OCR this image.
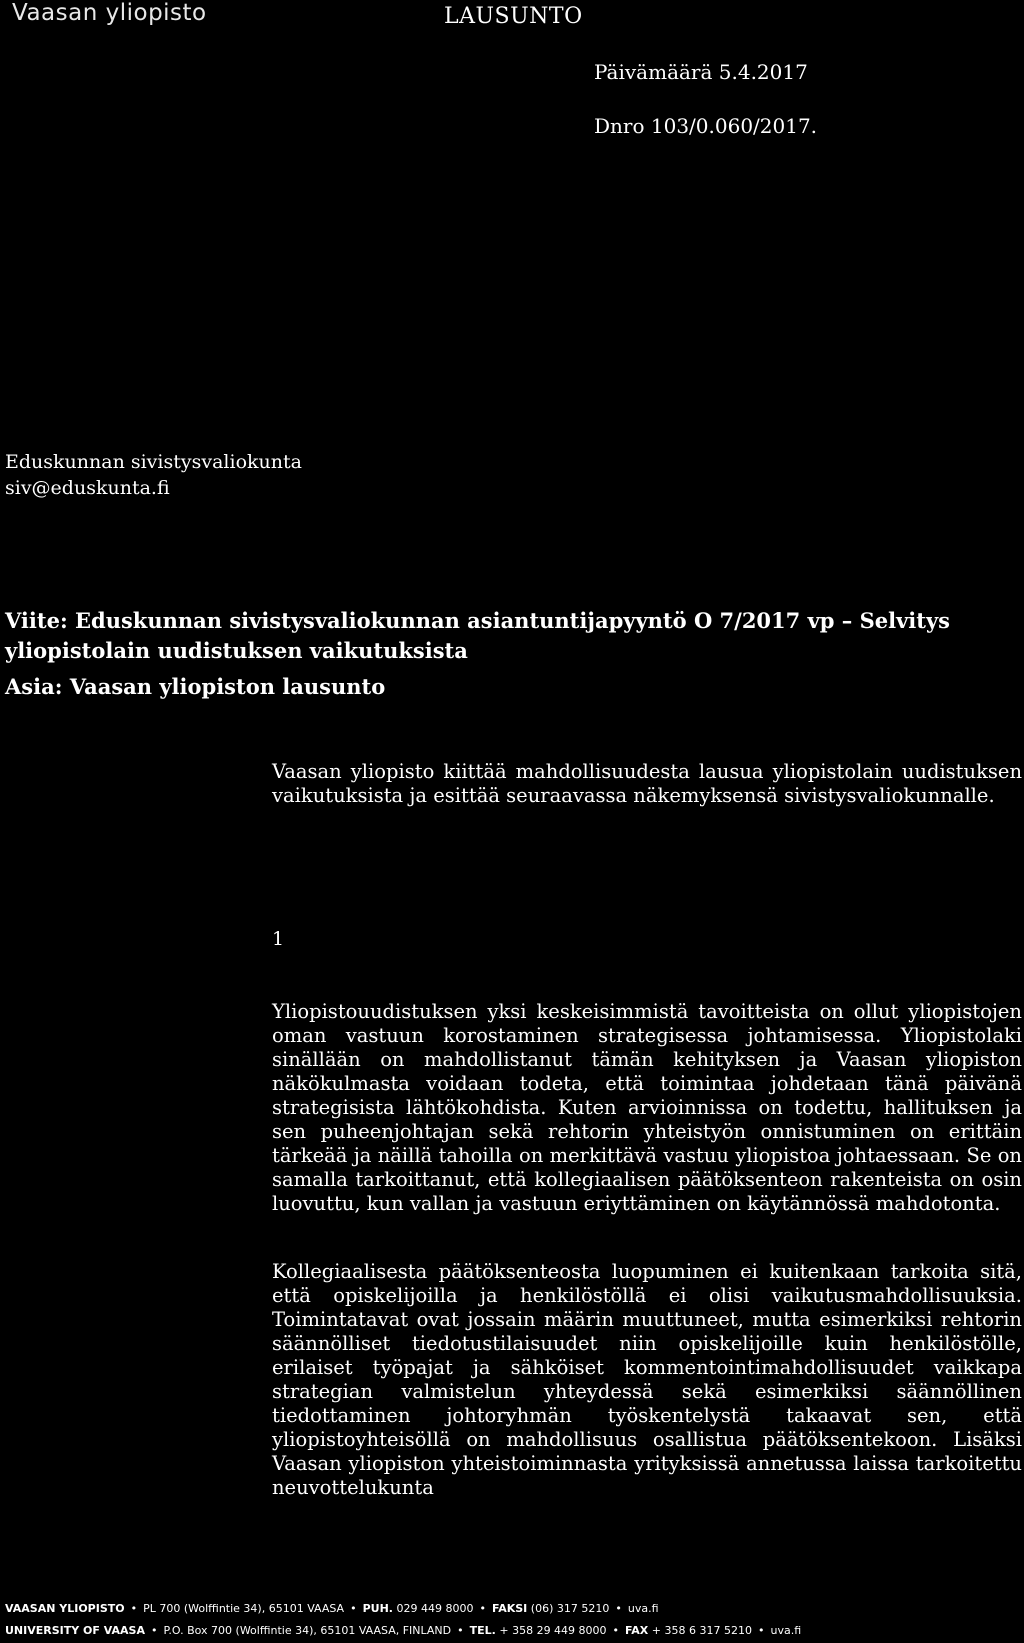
Vaasan yliopisto	LAUSUNTO
Päivämäärä 5.4.2017
Dnro 103/0.060/2017.
Eduskunnan sivistysvaliokunta
siv@eduskunta.fi
Viite: Eduskunnan sivistysvaliokunnan asiantuntijapyyntö O 7/2017 vp – Selvitys yliopistolain uudistuksen vaikutuksista
Asia: Vaasan yliopiston lausunto
Vaasan yliopisto kiittää mahdollisuudesta lausua yliopistolain uudistuksen vaikutuksista ja esittää seuraavassa näkemyksensä sivistysvaliokunnalle.
1
Yliopistouudistuksen yksi keskeisimmistä tavoitteista on ollut yliopistojen oman vastuun korostaminen strategisessa johtamisessa. Yliopistolaki sinällään on mahdollistanut tämän kehityksen ja Vaasan yliopiston näkökulmasta voidaan todeta, että toimintaa johdetaan tänä päivänä strategisista lähtökohdista. Kuten arvioinnissa on todettu, hallituksen ja sen puheenjohtajan sekä rehtorin yhteistyön onnistuminen on erittäin tärkeää ja näillä tahoilla on merkittävä vastuu yliopistoa johtaessaan. Se on samalla tarkoittanut, että kollegiaalisen päätöksenteon rakenteista on osin luovuttu, kun vallan ja vastuun eriyttäminen on käytännössä mahdotonta.
Kollegiaalisesta päätöksenteosta luopuminen ei kuitenkaan tarkoita sitä, että opiskelijoilla ja henkilöstöllä ei olisi vaikutusmahdollisuuksia. Toimintatavat ovat jossain määrin muuttuneet, mutta esimerkiksi rehtorin säännölliset tiedotustilaisuudet niin opiskelijoille kuin henkilöstölle, erilaiset työpajat ja sähköiset kommentointimahdollisuudet vaikkapa strategian valmistelun yhteydessä sekä esimerkiksi säännöllinen tiedottaminen johtoryhmän työskentelystä takaavat sen, että yliopistoyhteisöllä on mahdollisuus osallistua päätöksentekoon. Lisäksi Vaasan yliopiston yhteistoiminnasta yrityksissä annetussa laissa tarkoitettu neuvottelukunta
VAASAN YLIOPISTO • PL 700 (Wolffintie 34), 65101 VAASA • PUH. 029 449 8000 • FAKSI (06) 317 5210 • uva.fi
UNIVERSITY OF VAASA • P.O. Box 700 (Wolffintie 34), 65101 VAASA, FINLAND • TEL. + 358 29 449 8000 • FAX + 358 6 317 5210 • uva.fi
